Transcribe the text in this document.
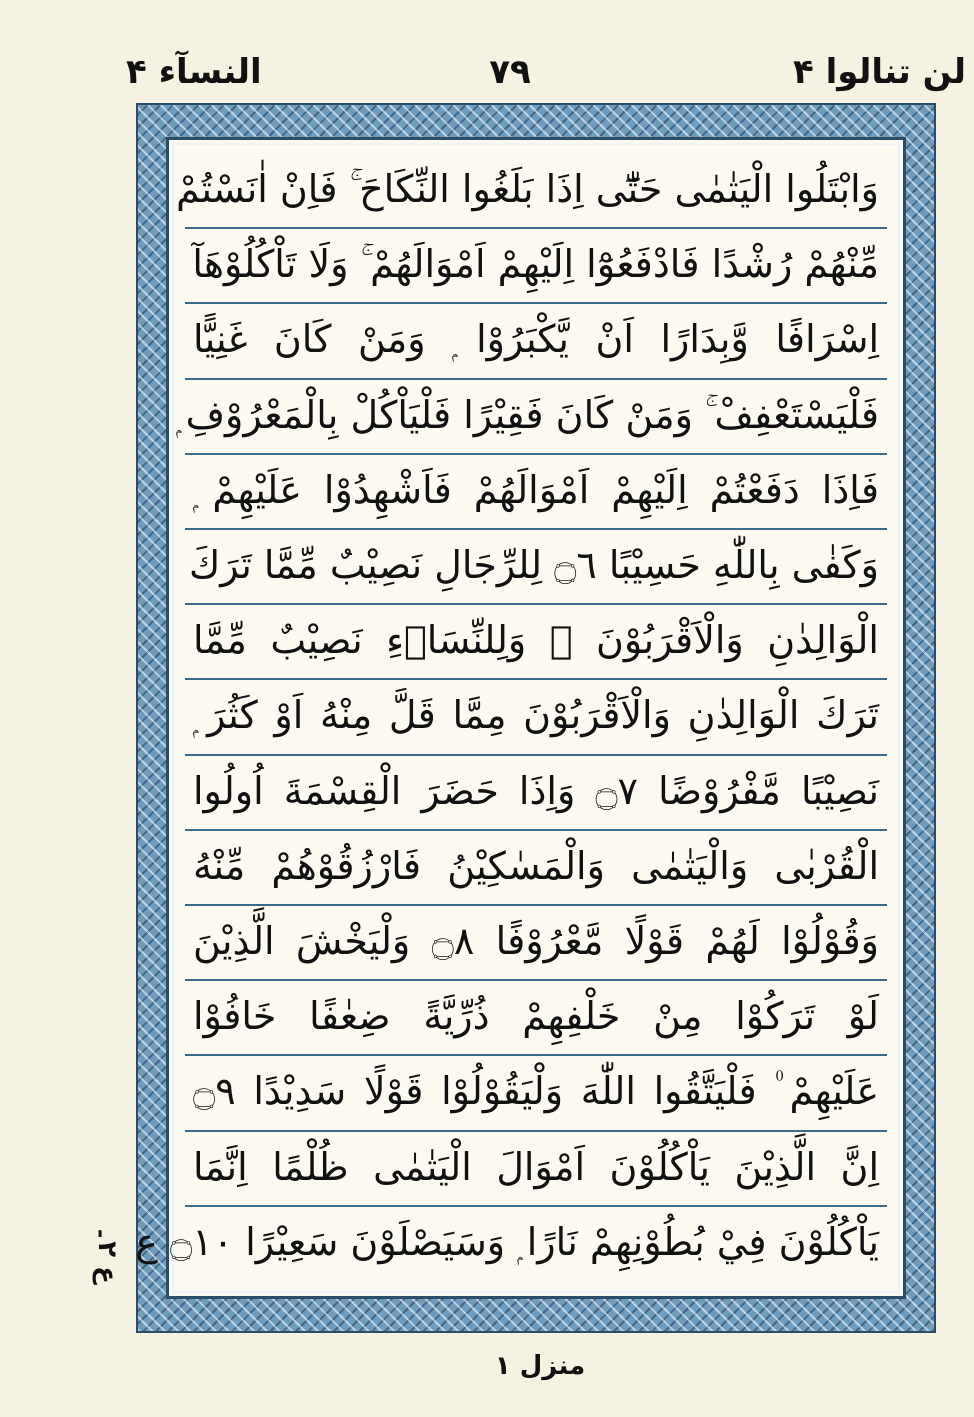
لن تنالوا ۴
۷۹
النسآء ۴
وَابْتَلُوا الْيَتٰمٰى حَتّٰٓى اِذَا بَلَغُوا النِّكَاحَ ۚ فَاِنْ اٰنَسْتُمْ
مِّنْهُمْ رُشْدًا فَادْفَعُوْٓا اِلَيْهِمْ اَمْوَالَهُمْ ۚ وَلَا تَاْكُلُوْهَآ
اِسْرَافًا وَّبِدَارًا اَنْ يَّكْبَرُوْا ۭ وَمَنْ كَانَ غَنِيًّا
فَلْيَسْتَعْفِفْ ۚ وَمَنْ كَانَ فَقِيْرًا فَلْيَاْكُلْ بِالْمَعْرُوْفِ ۭ
فَاِذَا دَفَعْتُمْ اِلَيْهِمْ اَمْوَالَهُمْ فَاَشْهِدُوْا عَلَيْهِمْ ۭ
وَكَفٰى بِاللّٰهِ حَسِيْبًا ۝٦ لِلرِّجَالِ نَصِيْبٌ مِّمَّا تَرَكَ
الْوَالِدٰنِ وَالْاَقْرَبُوْنَ ۠ وَلِلنِّسَاۗءِ نَصِيْبٌ مِّمَّا
تَرَكَ الْوَالِدٰنِ وَالْاَقْرَبُوْنَ مِمَّا قَلَّ مِنْهُ اَوْ كَثُرَ ۭ
نَصِيْبًا مَّفْرُوْضًا ۝٧ وَاِذَا حَضَرَ الْقِسْمَةَ اُولُوا
الْقُرْبٰى وَالْيَتٰمٰى وَالْمَسٰكِيْنُ فَارْزُقُوْهُمْ مِّنْهُ
وَقُوْلُوْا لَهُمْ قَوْلًا مَّعْرُوْفًا ۝٨ وَلْيَخْشَ الَّذِيْنَ
لَوْ تَرَكُوْا مِنْ خَلْفِهِمْ ذُرِّيَّةً ضِعٰفًا خَافُوْا
عَلَيْهِمْ ۠ فَلْيَتَّقُوا اللّٰهَ وَلْيَقُوْلُوْا قَوْلًا سَدِيْدًا ۝٩
اِنَّ الَّذِيْنَ يَاْكُلُوْنَ اَمْوَالَ الْيَتٰمٰى ظُلْمًا اِنَّمَا
يَاْكُلُوْنَ فِيْ بُطُوْنِهِمْ نَارًا ۭ وَسَيَصْلَوْنَ سَعِيْرًا ۝١٠ ع
ع ۲۔
منزل ۱
